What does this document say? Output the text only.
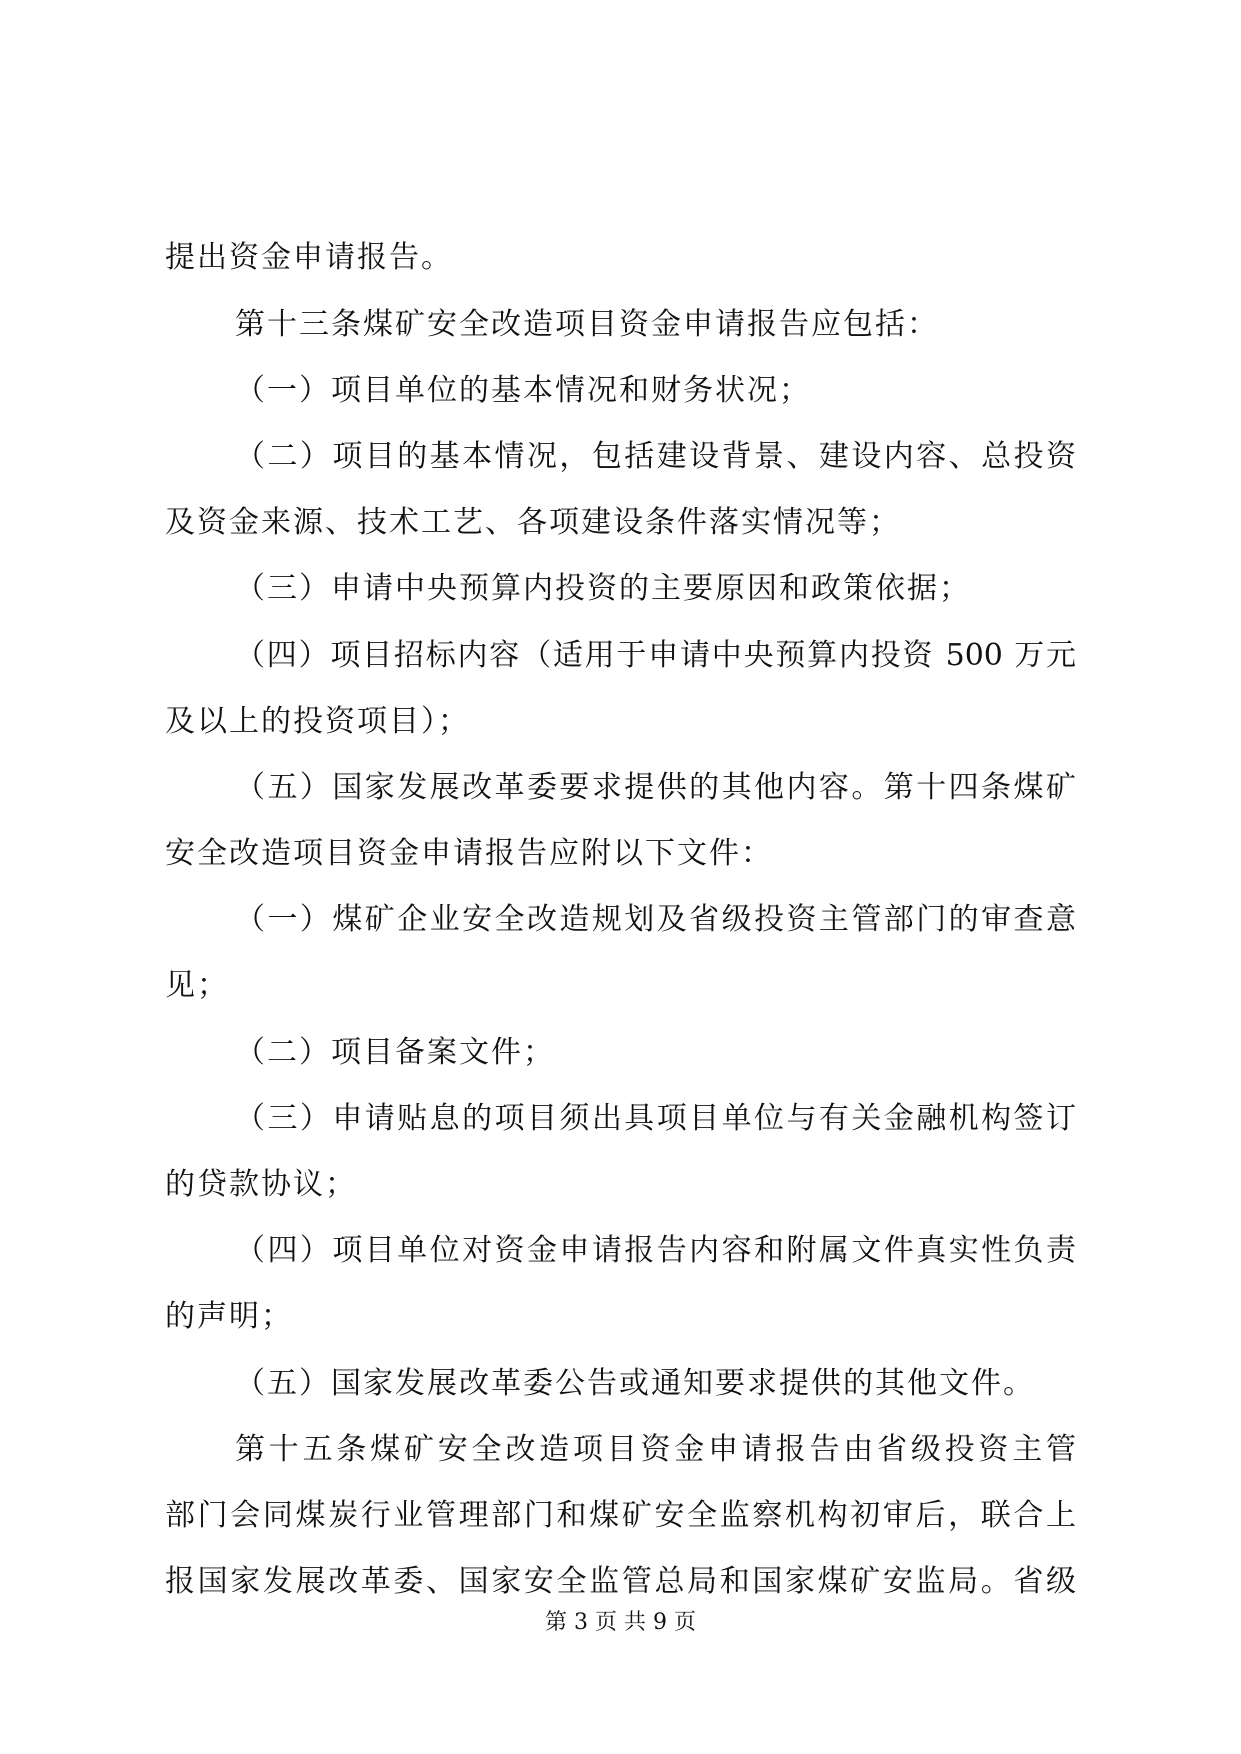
提出资金申请报告。
第十三条煤矿安全改造项目资金申请报告应包括：
（一）项目单位的基本情况和财务状况；
（二）项目的基本情况，包括建设背景、建设内容、总投资
及资金来源、技术工艺、各项建设条件落实情况等；
（三）申请中央预算内投资的主要原因和政策依据；
（四）项目招标内容（适用于申请中央预算内投资 500 万元
及以上的投资项目）；
（五）国家发展改革委要求提供的其他内容。第十四条煤矿
安全改造项目资金申请报告应附以下文件：
（一）煤矿企业安全改造规划及省级投资主管部门的审查意
见；
（二）项目备案文件；
（三）申请贴息的项目须出具项目单位与有关金融机构签订
的贷款协议；
（四）项目单位对资金申请报告内容和附属文件真实性负责
的声明；
（五）国家发展改革委公告或通知要求提供的其他文件。
第十五条煤矿安全改造项目资金申请报告由省级投资主管
部门会同煤炭行业管理部门和煤矿安全监察机构初审后，联合上
报国家发展改革委、国家安全监管总局和国家煤矿安监局。省级
第 3 页 共 9 页
